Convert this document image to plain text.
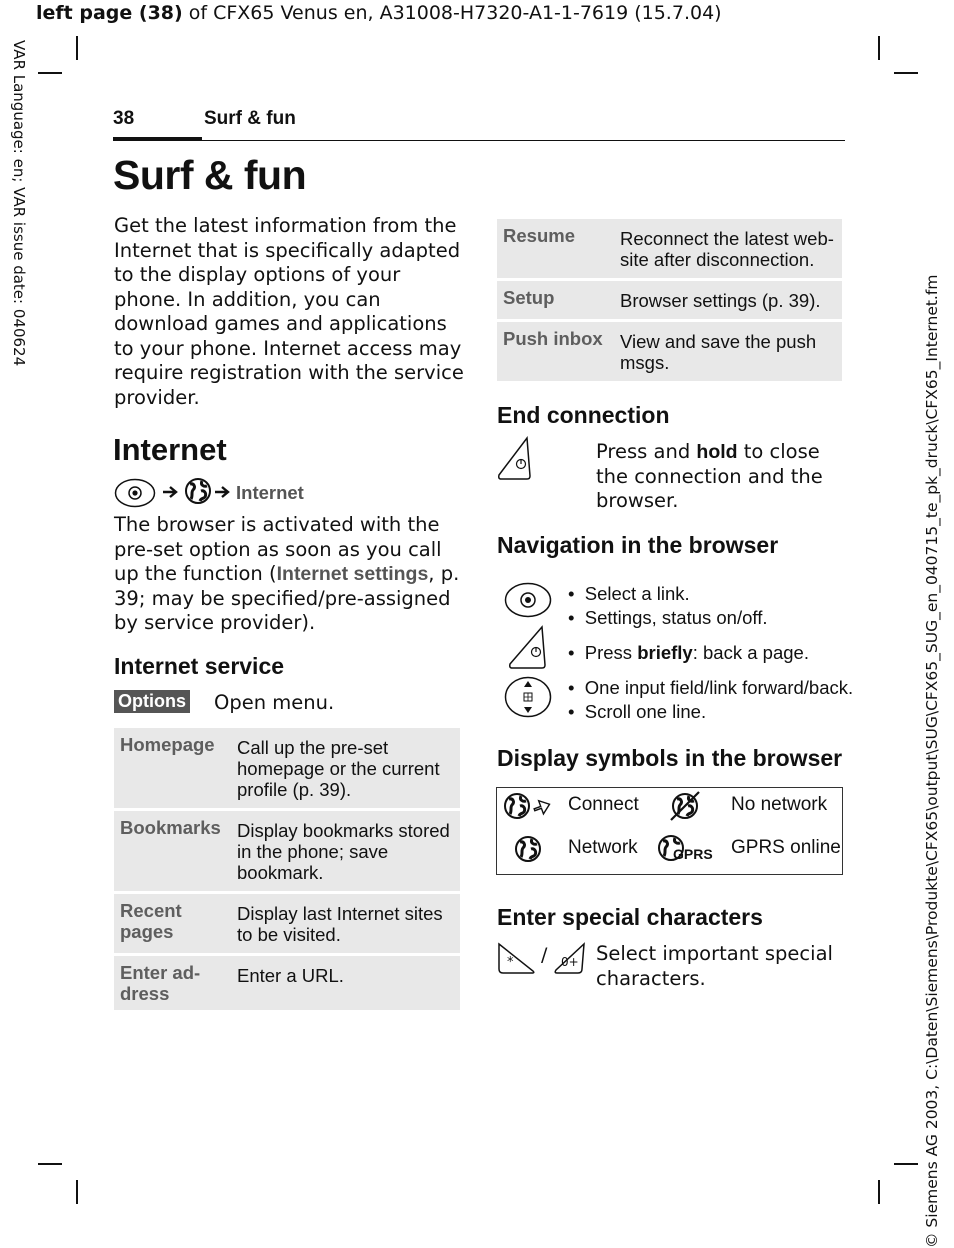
left page (38) of CFX65 Venus en, A31008-H7320-A1-1-7619 (15.7.04)
VAR Language: en; VAR issue date: 040624
© Siemens AG 2003, C:\Daten\Siemens\Produkte\CFX65\output\SUG\CFX65_SUG_en_040715_te_pk_druck\CFX65_Internet.fm
38	Surf & fun
Surf & fun
Get the latest information from the Internet that is specifically adapted to the display options of your phone. In addition, you can download games and applications to your phone. Internet access may require registration with the service provider.
Internet
Internet
The browser is activated with the pre-set option as soon as you call up the function (Internet settings, p. 39; may be specified/pre-assigned by service provider).
Internet service
Options Open menu.
Homepage	Call up the pre-set homepage or the current profile (p. 39).
Bookmarks	Display bookmarks stored in the phone; save bookmark.
Recent pages	Display last Internet sites to be visited.
Enter ad-dress	Enter a URL.
Resume	Reconnect the latest web-site after disconnection.
Setup	Browser settings (p. 39).
Push inbox	View and save the push msgs.
End connection
Press and hold to close the connection and the browser.
Navigation in the browser
•  Select a link.
•  Settings, status on/off.
•  Press briefly: back a page.
•  One input field/link forward/back.
•  Scroll one line.
Display symbols in the browser
Connect	No network
Network	GPRS GPRS online
Enter special characters
* / 0+ Select important special characters.
